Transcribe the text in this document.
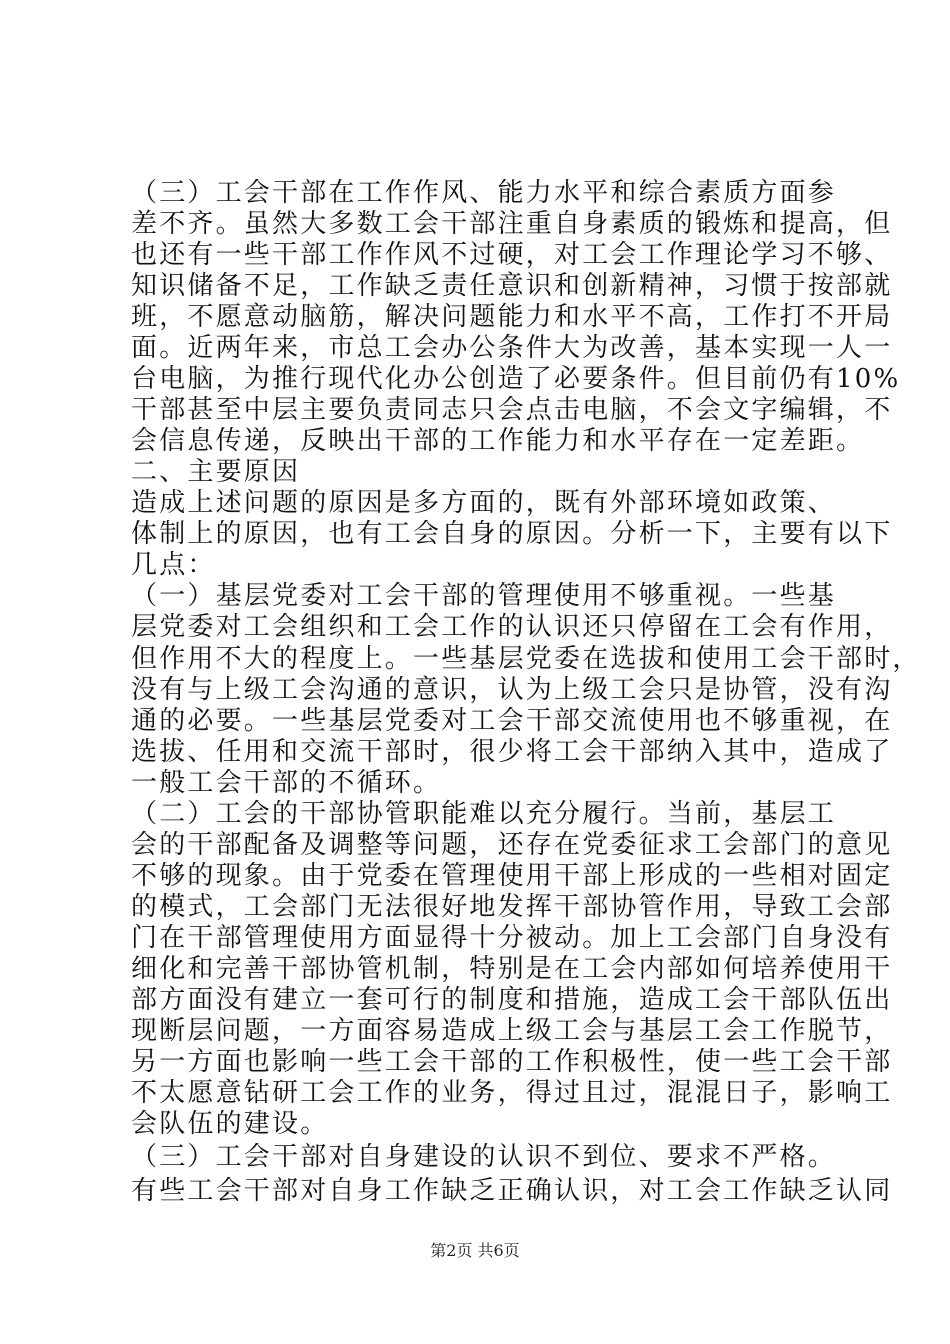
（三）工会干部在工作作风、能力水平和综合素质方面参
差不齐。虽然大多数工会干部注重自身素质的锻炼和提高，但
也还有一些干部工作作风不过硬，对工会工作理论学习不够、
知识储备不足，工作缺乏责任意识和创新精神，习惯于按部就
班，不愿意动脑筋，解决问题能力和水平不高，工作打不开局
面。近两年来，市总工会办公条件大为改善，基本实现一人一
台电脑，为推行现代化办公创造了必要条件。但目前仍有10%
干部甚至中层主要负责同志只会点击电脑，不会文字编辑，不
会信息传递，反映出干部的工作能力和水平存在一定差距。
二、主要原因
造成上述问题的原因是多方面的，既有外部环境如政策、
体制上的原因，也有工会自身的原因。分析一下，主要有以下
几点：
（一）基层党委对工会干部的管理使用不够重视。一些基
层党委对工会组织和工会工作的认识还只停留在工会有作用，
但作用不大的程度上。一些基层党委在选拔和使用工会干部时，
没有与上级工会沟通的意识，认为上级工会只是协管，没有沟
通的必要。一些基层党委对工会干部交流使用也不够重视，在
选拔、任用和交流干部时，很少将工会干部纳入其中，造成了
一般工会干部的不循环。
（二）工会的干部协管职能难以充分履行。当前，基层工
会的干部配备及调整等问题，还存在党委征求工会部门的意见
不够的现象。由于党委在管理使用干部上形成的一些相对固定
的模式，工会部门无法很好地发挥干部协管作用，导致工会部
门在干部管理使用方面显得十分被动。加上工会部门自身没有
细化和完善干部协管机制，特别是在工会内部如何培养使用干
部方面没有建立一套可行的制度和措施，造成工会干部队伍出
现断层问题，一方面容易造成上级工会与基层工会工作脱节，
另一方面也影响一些工会干部的工作积极性，使一些工会干部
不太愿意钻研工会工作的业务，得过且过，混混日子，影响工
会队伍的建设。
（三）工会干部对自身建设的认识不到位、要求不严格。
有些工会干部对自身工作缺乏正确认识，对工会工作缺乏认同
第2页 共6页
